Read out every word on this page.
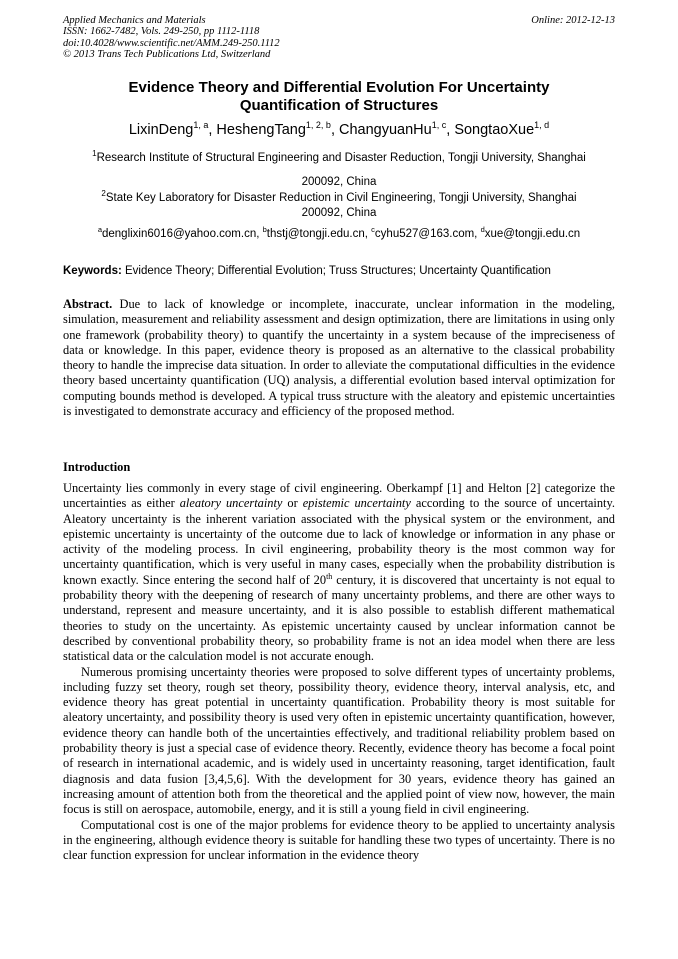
Applied Mechanics and Materials
ISSN: 1662-7482, Vols. 249-250, pp 1112-1118
doi:10.4028/www.scientific.net/AMM.249-250.1112
© 2013 Trans Tech Publications Ltd, Switzerland
Online: 2012-12-13
Evidence Theory and Differential Evolution For Uncertainty
Quantification of Structures
LixinDeng$^{1, a}$, HeshengTang$^{1, 2, b}$, ChangyuanHu$^{1, c}$, SongtaoXue$^{1, d}$
$^1$Research Institute of Structural Engineering and Disaster Reduction, Tongji University, Shanghai
200092, China
$^2$State Key Laboratory for Disaster Reduction in Civil Engineering, Tongji University, Shanghai
200092, China
$^a$denglixin6016@yahoo.com.cn, $^b$thstj@tongji.edu.cn, $^c$cyhu527@163.com, $^d$xue@tongji.edu.cn
Keywords: Evidence Theory; Differential Evolution; Truss Structures; Uncertainty Quantification

Abstract. Due to lack of knowledge or incomplete, inaccurate, unclear information in the modeling, simulation, measurement and reliability assessment and design optimization, there are limitations in using only one framework (probability theory) to quantify the uncertainty in a system because of the impreciseness of data or knowledge. In this paper, evidence theory is proposed as an alternative to the classical probability theory to handle the imprecise data situation. In order to alleviate the computational difficulties in the evidence theory based uncertainty quantification (UQ) analysis, a differential evolution based interval optimization for computing bounds method is developed. A typical truss structure with the aleatory and epistemic uncertainties is investigated to demonstrate accuracy and efficiency of the proposed method.

Introduction

Uncertainty lies commonly in every stage of civil engineering. Oberkampf [1] and Helton [2] categorize the uncertainties as either aleatory uncertainty or epistemic uncertainty according to the source of uncertainty. Aleatory uncertainty is the inherent variation associated with the physical system or the environment, and epistemic uncertainty is uncertainty of the outcome due to lack of knowledge or information in any phase or activity of the modeling process. In civil engineering, probability theory is the most common way for uncertainty quantification, which is very useful in many cases, especially when the probability distribution is known exactly. Since entering the second half of 20th century, it is discovered that uncertainty is not equal to probability theory with the deepening of research of many uncertainty problems, and there are other ways to understand, represent and measure uncertainty, and it is also possible to establish different mathematical theories to study on the uncertainty. As epistemic uncertainty caused by unclear information cannot be described by conventional probability theory, so probability frame is not an idea model when there are less statistical data or the calculation model is not accurate enough.

Numerous promising uncertainty theories were proposed to solve different types of uncertainty problems, including fuzzy set theory, rough set theory, possibility theory, evidence theory, interval analysis, etc, and evidence theory has great potential in uncertainty quantification. Probability theory is most suitable for aleatory uncertainty, and possibility theory is used very often in epistemic uncertainty quantification, however, evidence theory can handle both of the uncertainties effectively, and traditional reliability problem based on probability theory is just a special case of evidence theory. Recently, evidence theory has become a focal point of research in international academic, and is widely used in uncertainty reasoning, target identification, fault diagnosis and data fusion [3,4,5,6]. With the development for 30 years, evidence theory has gained an increasing amount of attention both from the theoretical and the applied point of view now, however, the main focus is still on aerospace, automobile, energy, and it is still a young field in civil engineering.

Computational cost is one of the major problems for evidence theory to be applied to uncertainty analysis in the engineering, although evidence theory is suitable for handling these two types of uncertainty. There is no clear function expression for unclear information in the evidence theory
